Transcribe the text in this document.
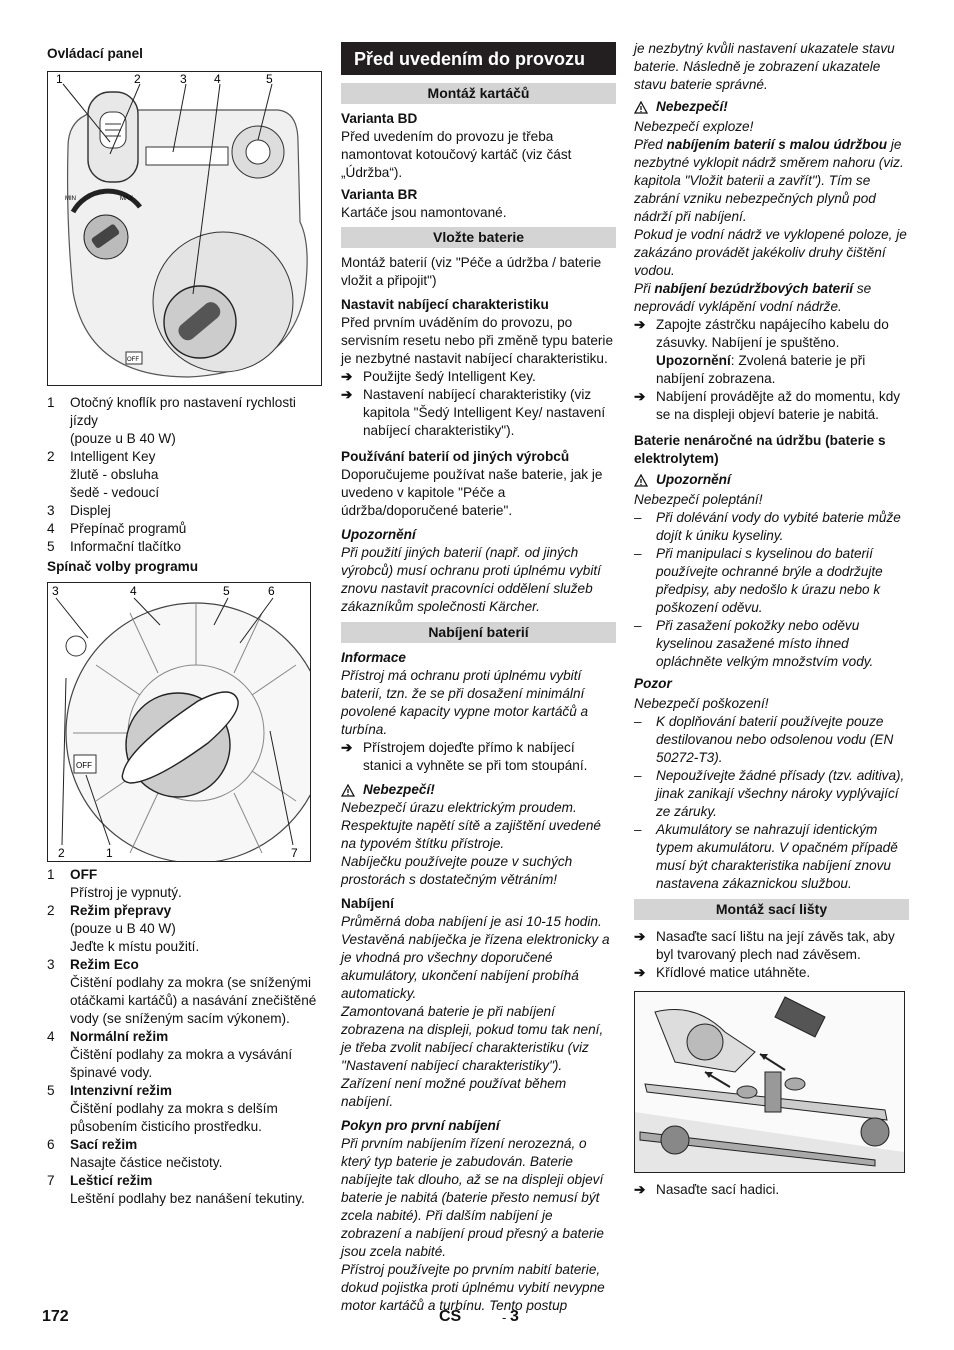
Ovládací panel

1	2	3 4	5
MIN	MAX
OFF
1	Otočný knoflík pro nastavení rychlosti jízdy
(pouze u B 40 W)
2	Intelligent Key
žlutě - obsluha
šedě - vedoucí
3	Displej
4	Přepínač programů
5	Informační tlačítko

Spínač volby programu

3	4	5	6
2	1	7
OFF
1	OFF
Přístroj je vypnutý.
2	Režim přepravy
(pouze u B 40 W)
Jeďte k místu použití.
3	Režim Eco
Čištění podlahy za mokra (se sníženými otáčkami kartáčů) a nasávání znečištěné vody (se sníženým sacím výkonem).
4	Normální režim
Čištění podlahy za mokra a vysávání špinavé vody.
5	Intenzivní režim
Čištění podlahy za mokra s delším působením čisticího prostředku.
6	Sací režim
Nasajte částice nečistoty.
7	Lešticí režim
Leštění podlahy bez nanášení tekutiny.
Před uvedením do provozu
Montáž kartáčů

Varianta BD

Před uvedením do provozu je třeba namontovat kotoučový kartáč (viz část „Údržba“).

Varianta BR

Kartáče jsou namontované.

Vložte baterie

Montáž baterií (viz "Péče a údržba / baterie vložit a připojit")

Nastavit nabíjecí charakteristiku

Před prvním uváděním do provozu, po servisním resetu nebo při změně typu baterie je nezbytné nastavit nabíjecí charakteristiku.

➔ Použijte šedý Intelligent Key.
➔ Nastavení nabíjecí charakteristiky (viz kapitola "Šedý Intelligent Key/ nastavení nabíjecí charakteristiky").

Používání baterií od jiných výrobců

Doporučujeme používat naše baterie, jak je uvedeno v kapitole "Péče a údržba/doporučené baterie".

Upozornění

Při použití jiných baterií (např. od jiných výrobců) musí ochranu proti úplnému vybití znovu nastavit pracovníci oddělení služeb zákazníkům společnosti Kärcher.

Nabíjení baterií

Informace

Přístroj má ochranu proti úplnému vybití baterií, tzn. že se při dosažení minimální povolené kapacity vypne motor kartáčů a turbína.

➔ Přístrojem dojeďte přímo k nabíjecí stanici a vyhněte se při tom stoupání.
Nebezpečí!

Nebezpečí úrazu elektrickým proudem. Respektujte napětí sítě a zajištění uvedené na typovém štítku přístroje.

Nabíječku používejte pouze v suchých prostorách s dostatečným větráním!

Nabíjení

Průměrná doba nabíjení je asi 10-15 hodin. Vestavěná nabíječka je řízena elektronicky a je vhodná pro všechny doporučené akumulátory, ukončení nabíjení probíhá automaticky.

Zamontovaná baterie je při nabíjení zobrazena na displeji, pokud tomu tak není, je třeba zvolit nabíjecí charakteristiku (viz "Nastavení nabíjecí charakteristiky").

Zařízení není možné používat během nabíjení.

Pokyn pro první nabíjení

Při prvním nabíjením řízení nerozezná, o který typ baterie je zabudován. Baterie nabíjejte tak dlouho, až se na displeji objeví baterie je nabitá (baterie přesto nemusí být zcela nabité). Při dalším nabíjení je zobrazení a nabíjení proud přesný a baterie jsou zcela nabité.

Přístroj používejte po prvním nabití baterie, dokud pojistka proti úplnému vybití nevypne motor kartáčů a turbínu. Tento postup

je nezbytný kvůli nastavení ukazatele stavu baterie. Následně je zobrazení ukazatele stavu baterie správné.

Nebezpečí!

Nebezpečí exploze!

Před nabíjením baterií s malou údržbou je nezbytné vyklopit nádrž směrem nahoru (viz. kapitola "Vložit baterii a zavřít"). Tím se zabrání vzniku nebezpečných plynů pod nádrží při nabíjení.

Pokud je vodní nádrž ve vyklopené poloze, je zakázáno provádět jakékoliv druhy čištění vodou.

Při nabíjení bezúdržbových baterií se neprovádí vyklápění vodní nádrže.

➔ Zapojte zástrčku napájecího kabelu do zásuvky. Nabíjení je spuštěno.
Upozornění: Zvolená baterie je při nabíjení zobrazena.
➔ Nabíjení provádějte až do momentu, kdy se na displeji objeví baterie je nabitá.

Baterie nenáročné na údržbu (baterie s elektrolytem)

Upozornění

Nebezpečí poleptání!

–	Při dolévání vody do vybité baterie může dojít k úniku kyseliny.
–	Při manipulaci s kyselinou do baterií používejte ochranné brýle a dodržujte předpisy, aby nedošlo k úrazu nebo k poškození oděvu.
–	Při zasažení pokožky nebo oděvu kyselinou zasažené místo ihned opláchněte velkým množstvím vody.

Pozor

Nebezpečí poškození!

–	K doplňování baterií používejte pouze destilovanou nebo odsolenou vodu (EN 50272-T3).
–	Nepoužívejte žádné přísady (tzv. aditiva), jinak zanikají všechny nároky vyplývající ze záruky.
–	Akumulátory se nahrazují identickým typem akumulátoru. V opačném případě musí být charakteristika nabíjení znovu nastavena zákaznickou službou.
Montáž sací lišty
➔ Nasaďte sací lištu na její závěs tak, aby byl tvarovaný plech nad závěsem.
➔ Křídlové matice utáhněte.
➔ Nasaďte sací hadici.
172	CS	- 3
